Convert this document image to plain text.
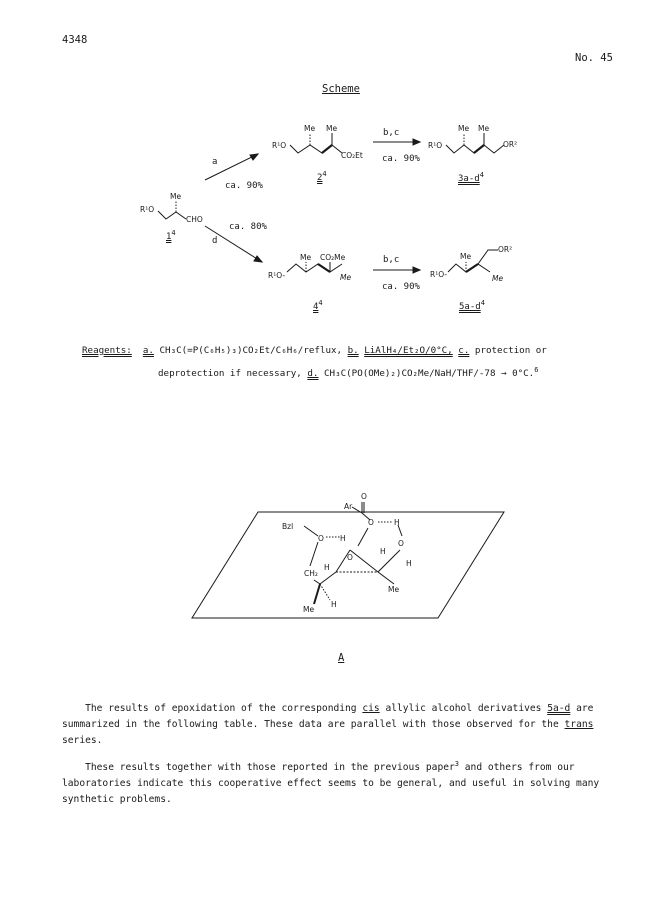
4348
No. 45
Scheme
R¹O
CHO
Me
R¹O
Me Me
CO₂Et
R¹O
Me Me
OR²
Me CO₂Me
R¹O-	Me	R¹O-
Me
OR²
Me
a
ca. 90%
ca. 80%
d
b,c
ca. 90%
b,c
ca. 90%
$1^4$
$2^4$	$3a-d^4$
$4^4$	$5a-d^4$
Reagents: a. CH₃C(=P(C₆H₅)₃)CO₂Et/C₆H₆/reflux, b. LiAlH₄/Et₂O/0°C, c. protection or
deprotection if necessary, d. CH₃C(PO(OMe)₂)CO₂Me/NaH/THF/-78 → 0°C.$^6$
Ar
O
O	H
Bzl
O H
O
H
O
H	H
CH₂
Me
Me
H
A
The results of epoxidation of the corresponding cis allylic alcohol derivatives 5a-d are
summarized in the following table. These data are parallel with those observed for the trans
series.
These results together with those reported in the previous paper$^3$ and others from our
laboratories indicate this cooperative effect seems to be general, and useful in solving many
synthetic problems.
